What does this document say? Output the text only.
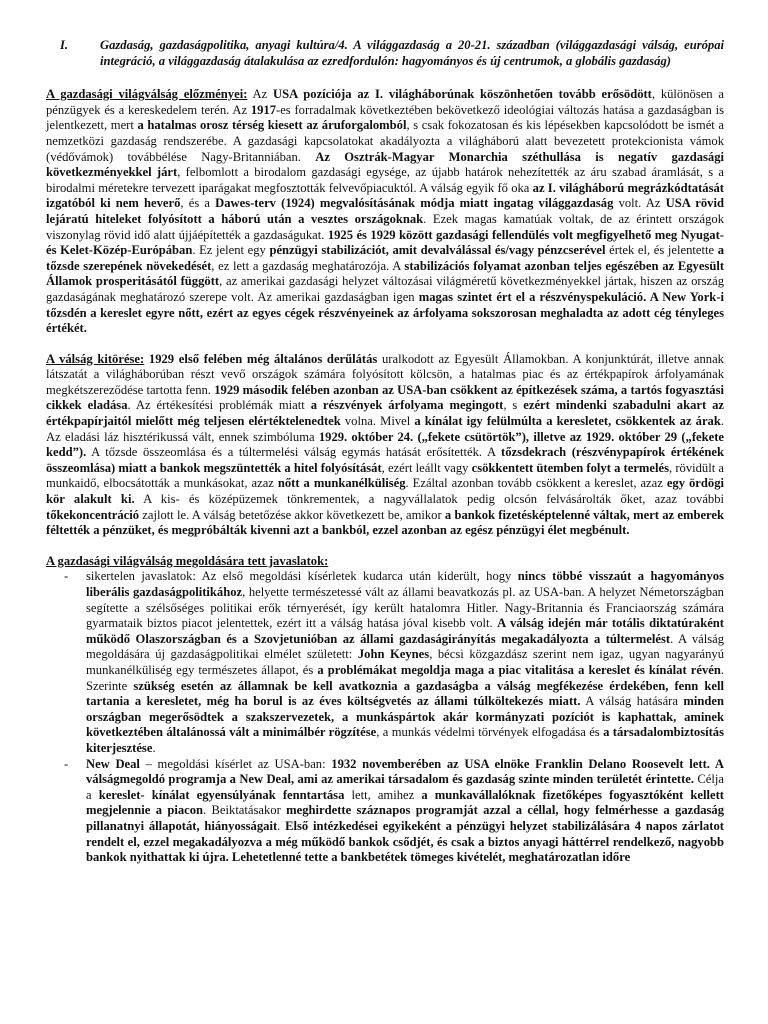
I.	Gazdaság, gazdaságpolitika, anyagi kultúra/4. A világgazdaság a 20-21. században (világgazdasági válság, európai integráció, a világgazdaság átalakulása az ezredfordulón: hagyományos és új centrumok, a globális gazdaság)

A gazdasági világválság előzményei: Az USA pozíciója az I. világháborúnak köszönhetően tovább erősödött, különösen a pénzügyek és a kereskedelem terén. Az 1917-es forradalmak következtében bekövetkező ideológiai változás hatása a gazdaságban is jelentkezett, mert a hatalmas orosz térség kiesett az áruforgalomból, s csak fokozatosan és kis lépésekben kapcsolódott be ismét a nemzetközi gazdaság rendszerébe. A gazdasági kapcsolatokat akadályozta a világháború alatt bevezetett protekcionista vámok (védővámok) továbbélése Nagy-Britanniában. Az Osztrák-Magyar Monarchia széthullása is negatív gazdasági következményekkel járt, felbomlott a birodalom gazdasági egysége, az újabb határok nehezítették az áru szabad áramlását, s a birodalmi méretekre tervezett iparágakat megfosztották felvevőpiacuktól. A válság egyik fő oka az I. világháború megrázkódtatását izgatóból ki nem heverő, és a Dawes-terv (1924) megvalósításának módja miatt ingatag világgazdaság volt. Az USA rövid lejáratú hiteleket folyósított a háború után a vesztes országoknak. Ezek magas kamatúak voltak, de az érintett országok viszonylag rövid idő alatt újjáépítették a gazdaságukat. 1925 és 1929 között gazdasági fellendülés volt megfigyelhető meg Nyugat- és Kelet-Közép-Európában. Ez jelent egy pénzügyi stabilizációt, amit devalválással és/vagy pénzcserével értek el, és jelentette a tőzsde szerepének növekedését, ez lett a gazdaság meghatározója. A stabilizációs folyamat azonban teljes egészében az Egyesült Államok prosperitásától függött, az amerikai gazdasági helyzet változásai világméretű következményekkel jártak, hiszen az ország gazdaságának meghatározó szerepe volt. Az amerikai gazdaságban igen magas szintet ért el a részvényspekuláció. A New York-i tőzsdén a kereslet egyre nőtt, ezért az egyes cégek részvényeinek az árfolyama sokszorosan meghaladta az adott cég tényleges értékét.

A válság kitörése: 1929 első felében még általános derűlátás uralkodott az Egyesült Államokban. A konjunktúrát, illetve annak látszatát a világháborúban részt vevő országok számára folyósított kölcsön, a hatalmas piac és az értékpapírok árfolyamának megkétszereződése tartotta fenn. 1929 második felében azonban az USA-ban csökkent az építkezések száma, a tartós fogyasztási cikkek eladása. Az értékesítési problémák miatt a részvények árfolyama megingott, s ezért mindenki szabadulni akart az értékpapírjaitól mielőtt még teljesen elértéktelenedtek volna. Mivel a kínálat igy felülmúlta a keresletet, csökkentek az árak. Az eladási láz hisztérikussá vált, ennek szimbóluma 1929. október 24. („fekete csütörtök”), illetve az 1929. október 29 („fekete kedd”). A tőzsde összeomlása és a túltermelési válság egymás hatását erősítették. A tőzsdekrach (részvénypapírok értékének összeomlása) miatt a bankok megszüntették a hitel folyósítását, ezért leállt vagy csökkentett ütemben folyt a termelés, rövidült a munkaidő, elbocsátották a munkásokat, azaz nőtt a munkanélküliség. Ezáltal azonban tovább csökkent a kereslet, azaz egy ördögi kör alakult ki. A kis- és középüzemek tönkrementek, a nagyvállalatok pedig olcsón felvásárolták őket, azaz további tőkekoncentráció zajlott le. A válság betetőzése akkor következett be, amikor a bankok fizetésképtelenné váltak, mert az emberek féltették a pénzüket, és megpróbálták kivenni azt a bankból, ezzel azonban az egész pénzügyi élet megbénult.

A gazdasági világválság megoldására tett javaslatok:

-	sikertelen javaslatok: Az első megoldási kísérletek kudarca után kiderült, hogy nincs többé visszaút a hagyományos liberális gazdaságpolitikához, helyette természetessé vált az állami beavatkozás pl. az USA-ban. A helyzet Németországban segítette a szélsőséges politikai erők térnyerését, így került hatalomra Hitler. Nagy-Britannia és Franciaország számára gyarmataik biztos piacot jelentettek, ezért itt a válság hatása jóval kisebb volt. A válság idején már totális diktatúraként működő Olaszországban és a Szovjetunióban az állami gazdaságirányítás megakadályozta a túltermelést. A válság megoldására új gazdaságpolitikai elmélet született: John Keynes, bécsi közgazdász szerint nem igaz, ugyan nagyarányú munkanélküliség egy természetes állapot, és a problémákat megoldja maga a piac vitalitása a kereslet és kínálat révén. Szerinte szükség esetén az államnak be kell avatkoznia a gazdaságba a válság megfékezése érdekében, fenn kell tartania a keresletet, még ha borul is az éves költségvetés az állami túlköltekezés miatt. A válság hatására minden országban megerősödtek a szakszervezetek, a munkáspártok akár kormányzati pozíciót is kaphattak, aminek következtében általánossá vált a minimálbér rögzítése, a munkás védelmi törvények elfogadása és a társadalombiztosítás kiterjesztése.
-	New Deal – megoldási kísérlet az USA-ban: 1932 novemberében az USA elnöke Franklin Delano Roosevelt lett. A válságmegoldó programja a New Deal, ami az amerikai társadalom és gazdaság szinte minden területét érintette. Célja a kereslet- kínálat egyensúlyának fenntartása lett, amihez a munkavállalóknak fizetőképes fogyasztóként kellett megjelennie a piacon. Beiktatásakor meghirdette száznapos programját azzal a céllal, hogy felmérhesse a gazdaság pillanatnyi állapotát, hiányosságait. Első intézkedései egyikeként a pénzügyi helyzet stabilizálására 4 napos zárlatot rendelt el, ezzel megakadályozva a még működő bankok csődjét, és csak a biztos anyagi háttérrel rendelkező, nagyobb bankok nyithattak ki újra. Lehetetlenné tette a bankbetétek tömeges kivételét, meghatározatlan időre
